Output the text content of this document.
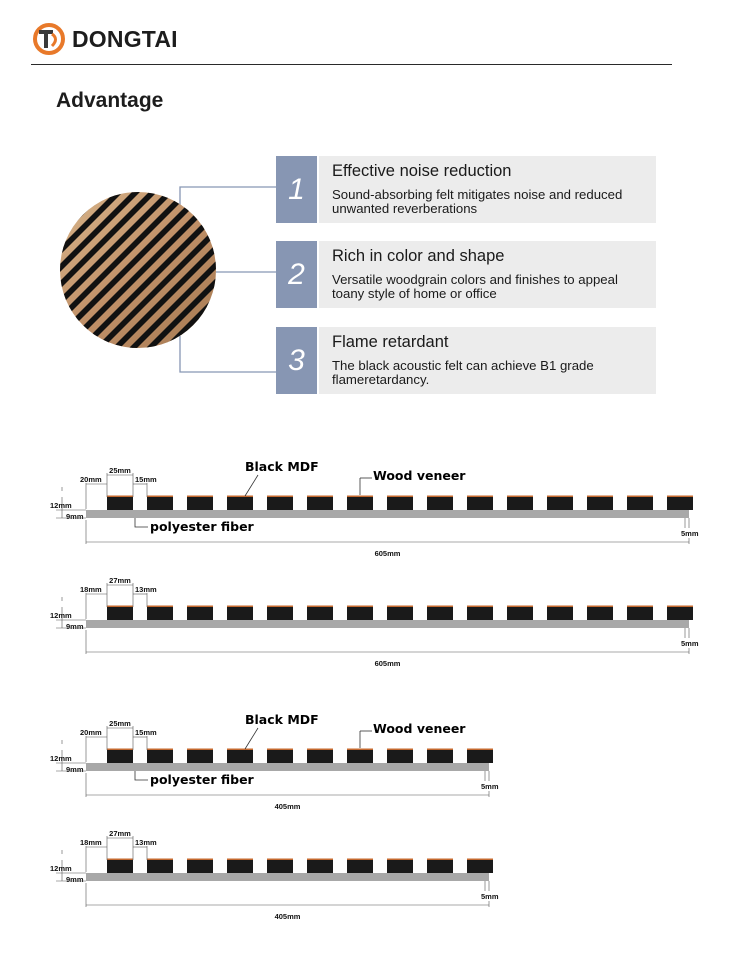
DONGTAI
Advantage
1
Effective noise reduction
Sound-absorbing felt mitigates noise and reduced unwanted reverberations
2
Rich in color and shape
Versatile woodgrain colors and finishes to appeal toany style of home or office
3
Flame retardant
The black acoustic felt can achieve B1 grade flameretardancy.
20mm
25mm
15mm
12mm
9mm
5mm
605mm
Black MDF
Wood veneer
polyester fiber
18mm
27mm
13mm
12mm
9mm
5mm
605mm
20mm
25mm
15mm
12mm
9mm
5mm
405mm
Black MDF
Wood veneer
polyester fiber
18mm
27mm
13mm
12mm
9mm
5mm
405mm
